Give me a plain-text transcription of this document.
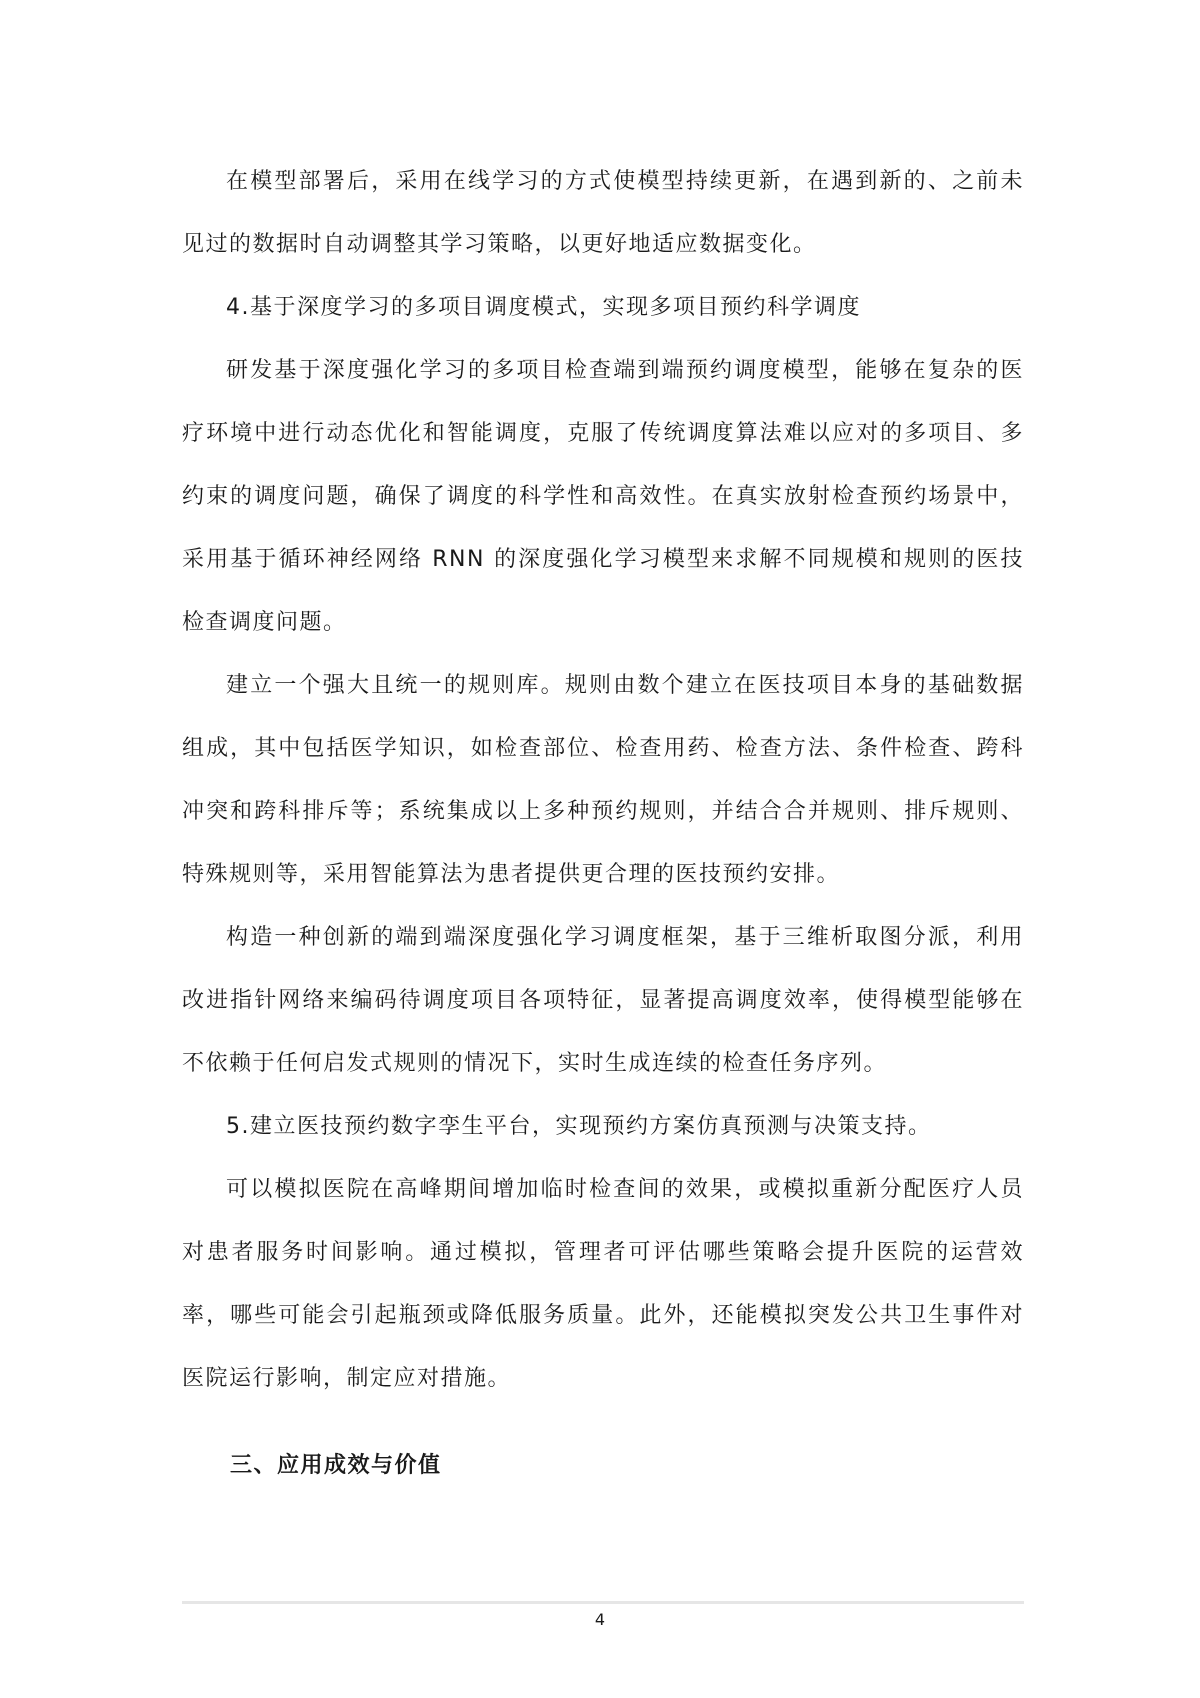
在模型部署后，采用在线学习的方式使模型持续更新，在遇到新的、之前未见过的数据时自动调整其学习策略，以更好地适应数据变化。

4.基于深度学习的多项目调度模式，实现多项目预约科学调度

研发基于深度强化学习的多项目检查端到端预约调度模型，能够在复杂的医疗环境中进行动态优化和智能调度，克服了传统调度算法难以应对的多项目、多约束的调度问题，确保了调度的科学性和高效性。在真实放射检查预约场景中，采用基于循环神经网络 RNN 的深度强化学习模型来求解不同规模和规则的医技检查调度问题。

建立一个强大且统一的规则库。规则由数个建立在医技项目本身的基础数据组成，其中包括医学知识，如检查部位、检查用药、检查方法、条件检查、跨科冲突和跨科排斥等；系统集成以上多种预约规则，并结合合并规则、排斥规则、特殊规则等，采用智能算法为患者提供更合理的医技预约安排。

构造一种创新的端到端深度强化学习调度框架，基于三维析取图分派，利用改进指针网络来编码待调度项目各项特征，显著提高调度效率，使得模型能够在不依赖于任何启发式规则的情况下，实时生成连续的检查任务序列。

5.建立医技预约数字孪生平台，实现预约方案仿真预测与决策支持。

可以模拟医院在高峰期间增加临时检查间的效果，或模拟重新分配医疗人员对患者服务时间影响。通过模拟，管理者可评估哪些策略会提升医院的运营效率，哪些可能会引起瓶颈或降低服务质量。此外，还能模拟突发公共卫生事件对医院运行影响，制定应对措施。

三、应用成效与价值
4
